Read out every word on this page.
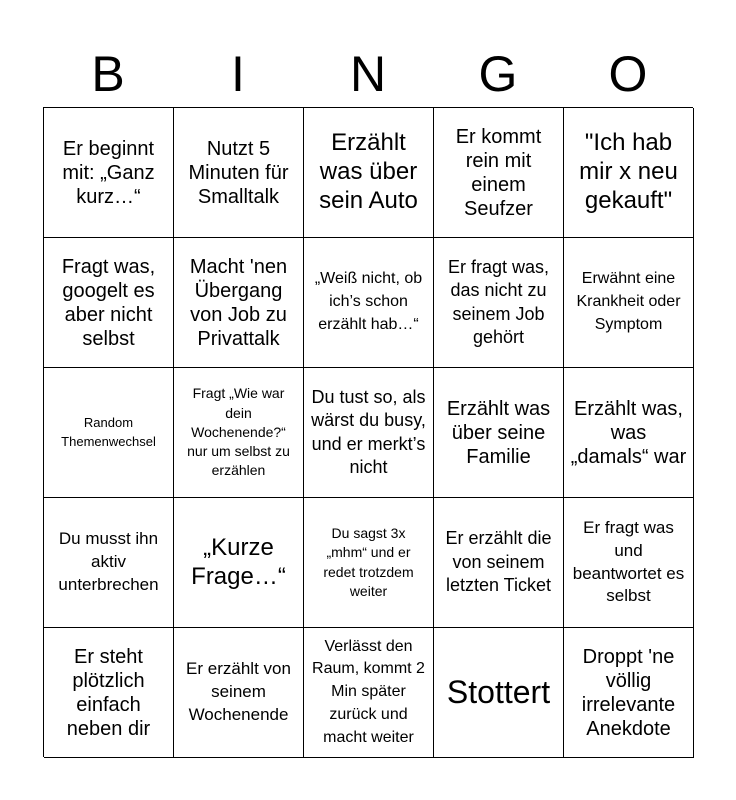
B	I	N	G	O
Er beginnt mit: „Ganz kurz…“
Nutzt 5 Minuten für Smalltalk
Erzählt was über sein Auto
Er kommt rein mit einem Seufzer
"Ich hab mir x neu gekauft"
Fragt was, googelt es aber nicht selbst
Macht 'nen Übergang von Job zu Privattalk
„Weiß nicht, ob ich’s schon erzählt hab…“
Er fragt was, das nicht zu seinem Job gehört
Erwähnt eine Krankheit oder Symptom
Random Themenwechsel
Fragt „Wie war dein Wochenende?“ nur um selbst zu erzählen
Du tust so, als wärst du busy, und er merkt’s nicht
Erzählt was über seine Familie
Erzählt was, was „damals“ war
Du musst ihn aktiv unterbrechen
„Kurze Frage…“
Du sagst 3x „mhm“ und er redet trotzdem weiter
Er erzählt die von seinem letzten Ticket
Er fragt was und beantwortet es selbst
Er steht plötzlich einfach neben dir
Er erzählt von seinem Wochenende
Verlässt den Raum, kommt 2 Min später zurück und macht weiter
Stottert
Droppt 'ne völlig irrelevante Anekdote
